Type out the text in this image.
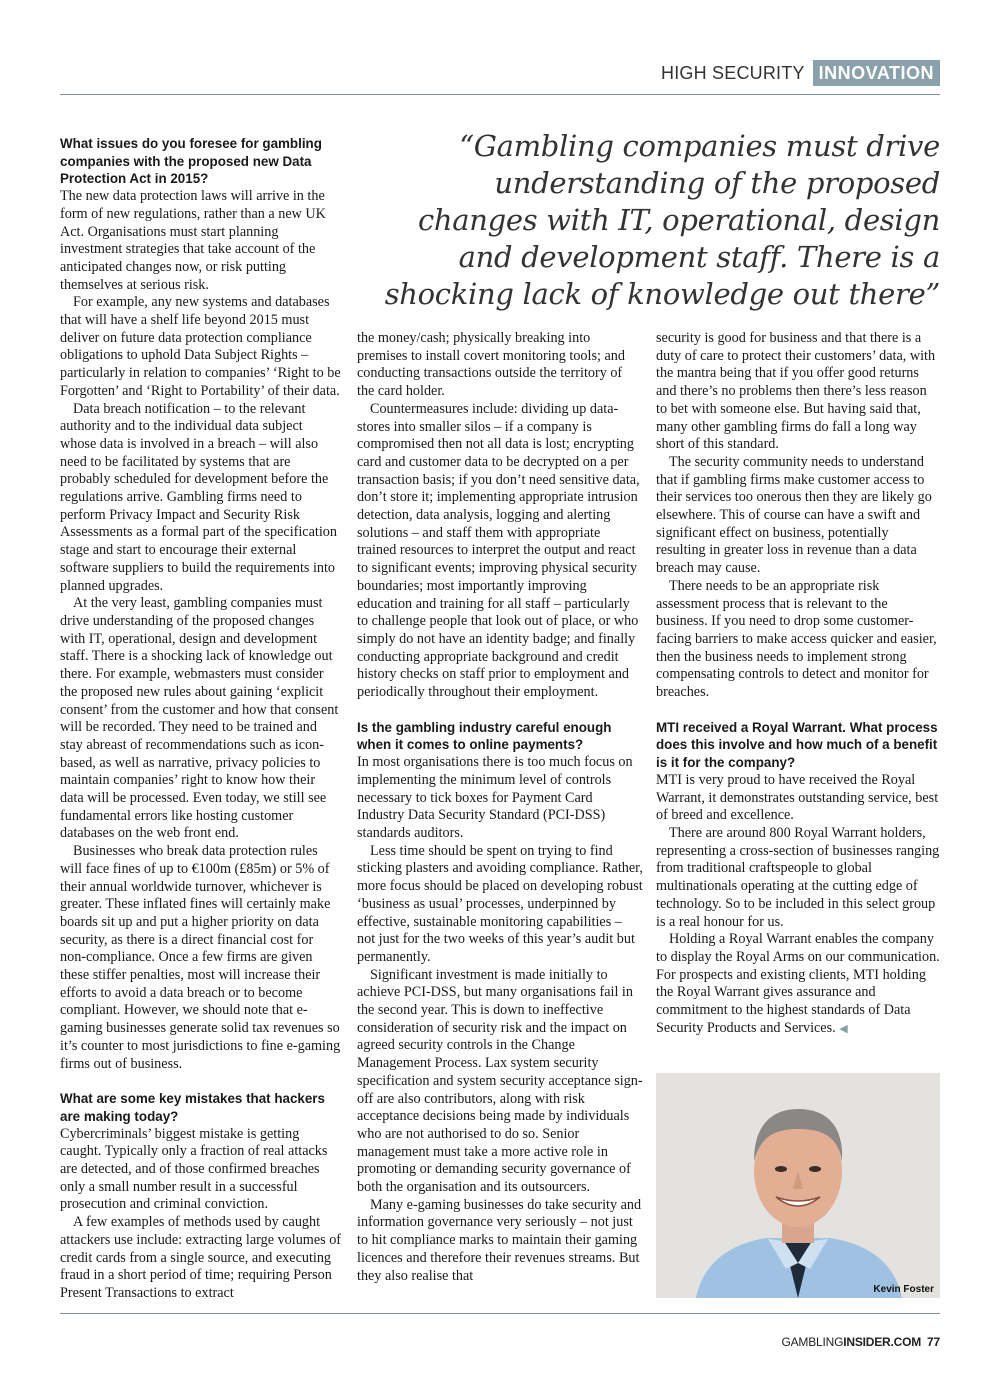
HIGH SECURITY INNOVATION
“Gambling companies must drive understanding of the proposed changes with IT, operational, design and development staff. There is a shocking lack of knowledge out there”
What issues do you foresee for gambling companies with the proposed new Data Protection Act in 2015?

The new data protection laws will arrive in the form of new regulations, rather than a new UK Act. Organisations must start planning investment strategies that take account of the anticipated changes now, or risk putting themselves at serious risk.

For example, any new systems and databases that will have a shelf life beyond 2015 must deliver on future data protection compliance obligations to uphold Data Subject Rights – particularly in relation to companies’ ‘Right to be Forgotten’ and ‘Right to Portability’ of their data.

Data breach notification – to the relevant authority and to the individual data subject whose data is involved in a breach – will also need to be facilitated by systems that are probably scheduled for development before the regulations arrive. Gambling firms need to perform Privacy Impact and Security Risk Assessments as a formal part of the specification stage and start to encourage their external software suppliers to build the requirements into planned upgrades.

At the very least, gambling companies must drive understanding of the proposed changes with IT, operational, design and development staff. There is a shocking lack of knowledge out there. For example, webmasters must consider the proposed new rules about gaining ‘explicit consent’ from the customer and how that consent will be recorded. They need to be trained and stay abreast of recommendations such as icon-based, as well as narrative, privacy policies to maintain companies’ right to know how their data will be processed. Even today, we still see fundamental errors like hosting customer databases on the web front end.

Businesses who break data protection rules will face fines of up to €100m (£85m) or 5% of their annual worldwide turnover, whichever is greater. These inflated fines will certainly make boards sit up and put a higher priority on data security, as there is a direct financial cost for non-compliance. Once a few firms are given these stiffer penalties, most will increase their efforts to avoid a data breach or to become compliant. However, we should note that e-gaming businesses generate solid tax revenues so it’s counter to most jurisdictions to fine e-gaming firms out of business.

What are some key mistakes that hackers are making today?

Cybercriminals’ biggest mistake is getting caught. Typically only a fraction of real attacks are detected, and of those confirmed breaches only a small number result in a successful prosecution and criminal conviction.

A few examples of methods used by caught attackers use include: extracting large volumes of credit cards from a single source, and executing fraud in a short period of time; requiring Person Present Transactions to extract

the money/cash; physically breaking into premises to install covert monitoring tools; and conducting transactions outside the territory of the card holder.

Countermeasures include: dividing up data-stores into smaller silos – if a company is compromised then not all data is lost; encrypting card and customer data to be decrypted on a per transaction basis; if you don’t need sensitive data, don’t store it; implementing appropriate intrusion detection, data analysis, logging and alerting solutions – and staff them with appropriate trained resources to interpret the output and react to significant events; improving physical security boundaries; most importantly improving education and training for all staff – particularly to challenge people that look out of place, or who simply do not have an identity badge; and finally conducting appropriate background and credit history checks on staff prior to employment and periodically throughout their employment.

Is the gambling industry careful enough when it comes to online payments?

In most organisations there is too much focus on implementing the minimum level of controls necessary to tick boxes for Payment Card Industry Data Security Standard (PCI-DSS) standards auditors.

Less time should be spent on trying to find sticking plasters and avoiding compliance. Rather, more focus should be placed on developing robust ‘business as usual’ processes, underpinned by effective, sustainable monitoring capabilities – not just for the two weeks of this year’s audit but permanently.

Significant investment is made initially to achieve PCI-DSS, but many organisations fail in the second year. This is down to ineffective consideration of security risk and the impact on agreed security controls in the Change Management Process. Lax system security specification and system security acceptance sign-off are also contributors, along with risk acceptance decisions being made by individuals who are not authorised to do so. Senior management must take a more active role in promoting or demanding security governance of both the organisation and its outsourcers.

Many e-gaming businesses do take security and information governance very seriously – not just to hit compliance marks to maintain their gaming licences and therefore their revenues streams. But they also realise that

security is good for business and that there is a duty of care to protect their customers’ data, with the mantra being that if you offer good returns and there’s no problems then there’s less reason to bet with someone else. But having said that, many other gambling firms do fall a long way short of this standard.

The security community needs to understand that if gambling firms make customer access to their services too onerous then they are likely go elsewhere. This of course can have a swift and significant effect on business, potentially resulting in greater loss in revenue than a data breach may cause.

There needs to be an appropriate risk assessment process that is relevant to the business. If you need to drop some customer-facing barriers to make access quicker and easier, then the business needs to implement strong compensating controls to detect and monitor for breaches.

MTI received a Royal Warrant. What process does this involve and how much of a benefit is it for the company?

MTI is very proud to have received the Royal Warrant, it demonstrates outstanding service, best of breed and excellence.

There are around 800 Royal Warrant holders, representing a cross-section of businesses ranging from traditional craftspeople to global multinationals operating at the cutting edge of technology. So to be included in this select group is a real honour for us.

Holding a Royal Warrant enables the company to display the Royal Arms on our communication. For prospects and existing clients, MTI holding the Royal Warrant gives assurance and commitment to the highest standards of Data Security Products and Services. ◀

Kevin Foster
GAMBLINGINSIDER.COM 77
